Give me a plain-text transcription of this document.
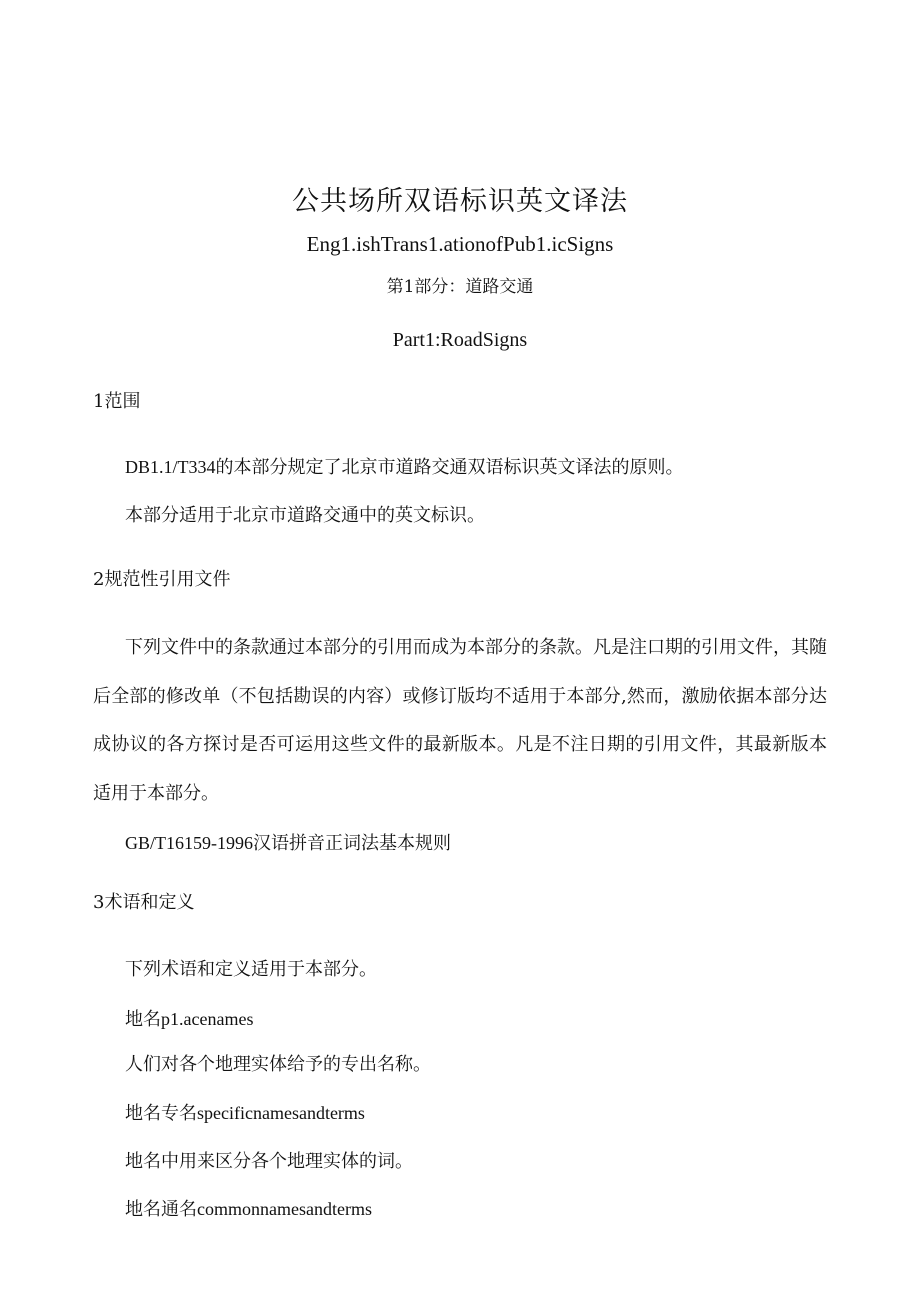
公共场所双语标识英文译法
Eng1.ishTrans1.ationofPub1.icSigns
第1部分：道路交通
Part1:RoadSigns
1范围
DB1.1/T334的本部分规定了北京市道路交通双语标识英文译法的原则。
本部分适用于北京市道路交通中的英文标识。
2规范性引用文件

下列文件中的条款通过本部分的引用而成为本部分的条款。凡是注口期的引用文件，其随后全部的修改单（不包括勘误的内容）或修订版均不适用于本部分,然而，激励依据本部分达成协议的各方探讨是否可运用这些文件的最新版本。凡是不注日期的引用文件，其最新版本适用于本部分。

GB/T16159-1996汉语拼音正词法基本规则
3术语和定义
下列术语和定义适用于本部分。
地名p1.acenames
人们对各个地理实体给予的专出名称。
地名专名specificnamesandterms
地名中用来区分各个地理实体的词。
地名通名commonnamesandterms
